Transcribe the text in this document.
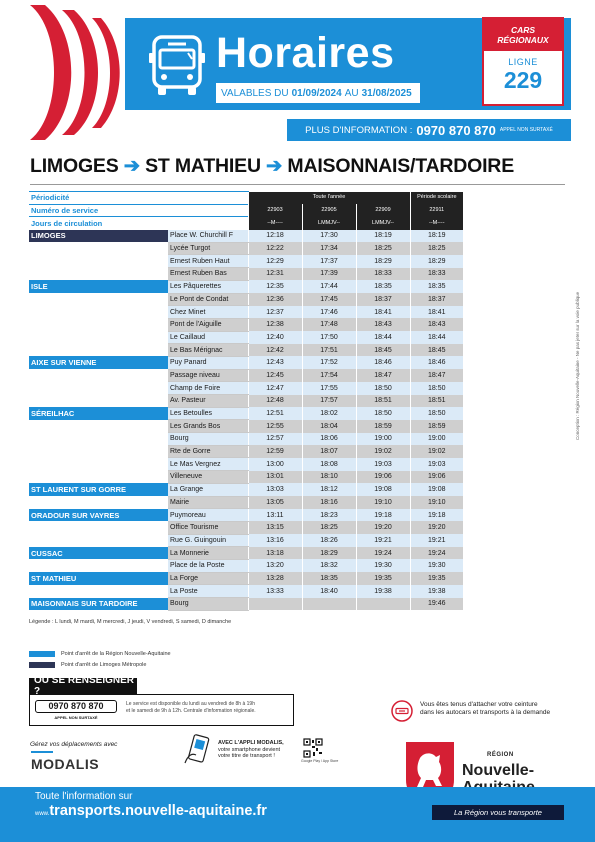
Horaires
VALABLES DU 01/09/2024 AU 31/08/2025
CARS
RÉGIONAUX
LIGNE
229
PLUS D'INFORMATION : 0970 870 870 APPEL NON SURTAXÉ
LIMOGES ➔ ST MATHIEU ➔ MAISONNAIS/TARDOIRE
Périodicité		Toute l'année			Période scolaire
Numéro de service		22903	22905	22909	22911
Jours de circulation		--M----	LMMJV--	LMMJV--	--M----
LIMOGES	Place W. Churchill F	12:18	17:30	18:19	18:19
	Lycée Turgot	12:22	17:34	18:25	18:25
	Ernest Ruben Haut	12:29	17:37	18:29	18:29
	Ernest Ruben Bas	12:31	17:39	18:33	18:33
ISLE	Les Pâquerettes	12:35	17:44	18:35	18:35
	Le Pont de Condat	12:36	17:45	18:37	18:37
	Chez Minet	12:37	17:46	18:41	18:41
	Pont de l'Aiguille	12:38	17:48	18:43	18:43
	Le Caillaud	12:40	17:50	18:44	18:44
	Le Bas Mérignac	12:42	17:51	18:45	18:45
AIXE SUR VIENNE	Puy Panard	12:43	17:52	18:46	18:46
	Passage niveau	12:45	17:54	18:47	18:47
	Champ de Foire	12:47	17:55	18:50	18:50
	Av. Pasteur	12:48	17:57	18:51	18:51
SÉREILHAC	Les Betoulles	12:51	18:02	18:50	18:50
	Les Grands Bos	12:55	18:04	18:59	18:59
	Bourg	12:57	18:06	19:00	19:00
	Rte de Gorre	12:59	18:07	19:02	19:02
	Le Mas Vergnez	13:00	18:08	19:03	19:03
	Villeneuve	13:01	18:10	19:06	19:06
ST LAURENT SUR GORRE	La Grange	13:03	18:12	19:08	19:08
	Mairie	13:05	18:16	19:10	19:10
ORADOUR SUR VAYRES	Puymoreau	13:11	18:23	19:18	19:18
	Office Tourisme	13:15	18:25	19:20	19:20
	Rue G. Guingouin	13:16	18:26	19:21	19:21
CUSSAC	La Monnerie	13:18	18:29	19:24	19:24
	Place de la Poste	13:20	18:32	19:30	19:30
ST MATHIEU	La Forge	13:28	18:35	19:35	19:35
	La Poste	13:33	18:40	19:38	19:38
MAISONNAIS SUR TARDOIRE	Bourg				19:46
Légende : L lundi, M mardi, M mercredi, J jeudi, V vendredi, S samedi, D dimanche
Point d'arrêt de la Région Nouvelle-Aquitaine
Point d'arrêt de Limoges Métropole
Conception : Région Nouvelle-Aquitaine - Ne pas jeter sur la voie publique
OÙ SE RENSEIGNER ?
0970 870 870
APPEL NON SURTAXÉ
Le service est disponible du lundi au vendredi de 8h à 19h
et le samedi de 9h à 12h. Centrale d'information régionale.
Vous êtes tenus d'attacher votre ceinture
dans les autocars et transports à la demande
Gérez vos déplacements avec
MODALIS
AVEC L'APPLI MODALIS,
votre smartphone devient
votre titre de transport !
Google Play / App Store
RÉGION
Nouvelle-
Toute l'information sur
www.transports.nouvelle-aquitaine.fr	La Région vous transporte
